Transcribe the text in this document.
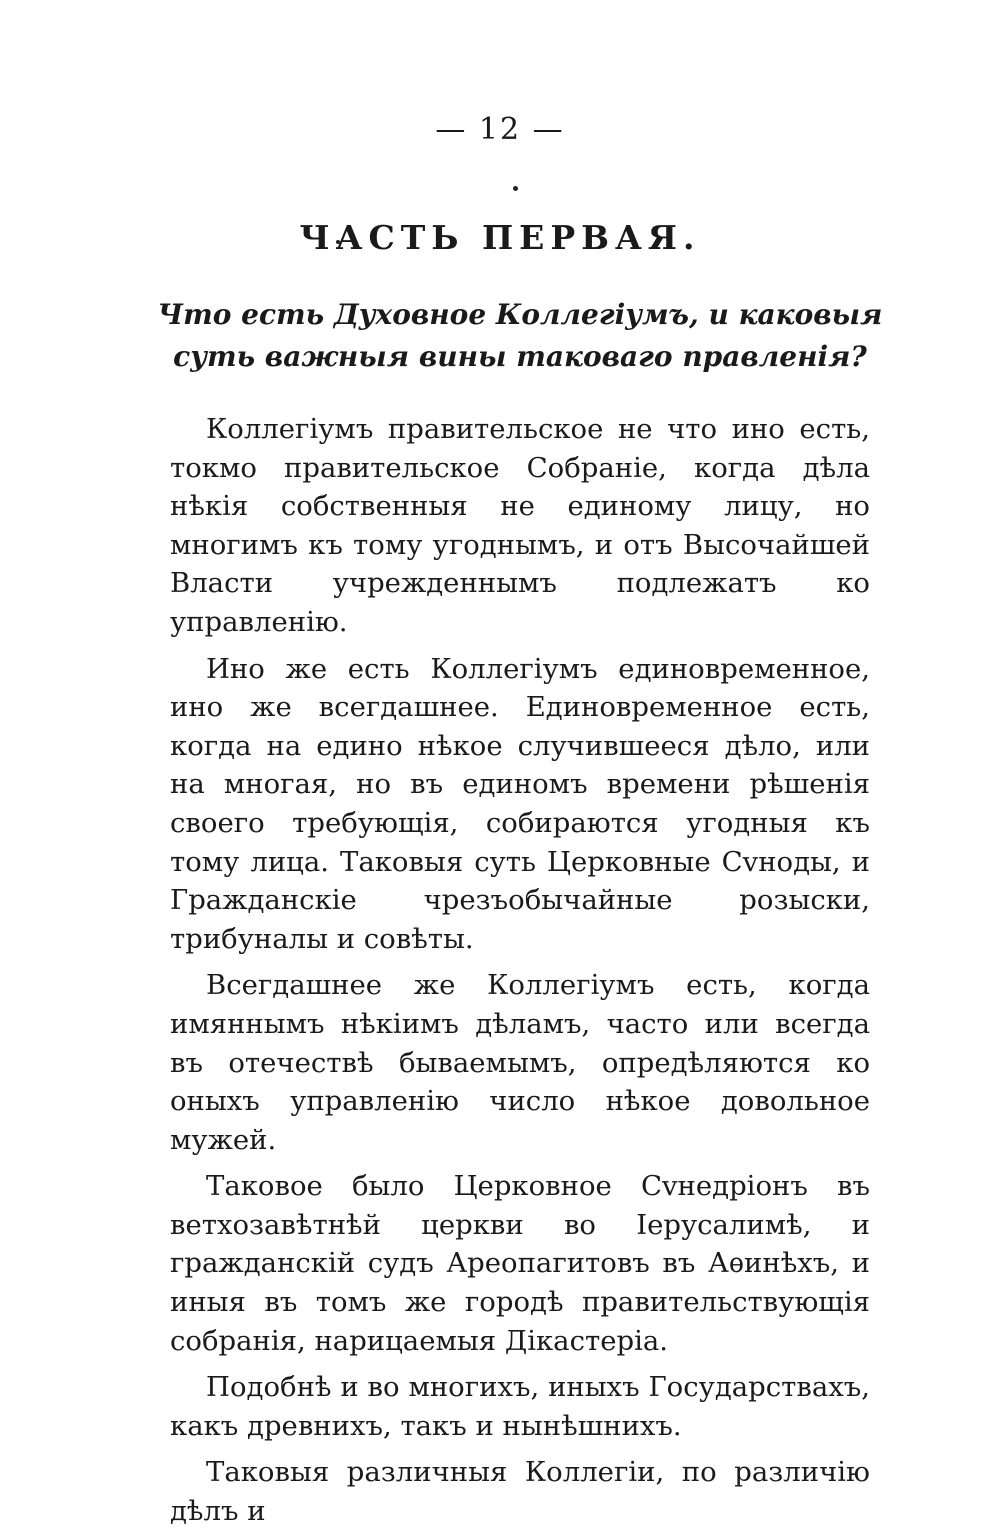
— 12 —
ЧАСТЬ ПЕРВАЯ.
Что есть Духовное Коллегіумъ, и каковыя суть важныя вины таковаго правленія?

Коллегіумъ правительское не что ино есть, токмо правительское Собраніе, когда дѣла нѣкія собственныя не единому лицу, но многимъ къ тому угоднымъ, и отъ Высочайшей Власти учрежденнымъ подлежатъ ко управленію.

Ино же есть Коллегіумъ единовременное, ино же всегдашнее. Единовременное есть, когда на едино нѣкое случившееся дѣло, или на многая, но въ единомъ времени рѣшенія своего требующія, собираются угодныя къ тому лица. Таковыя суть Церковные Сvноды, и Гражданскіе чрезъобычайные розыски, трибуналы и совѣты.

Всегдашнее же Коллегіумъ есть, когда имяннымъ нѣкіимъ дѣламъ, часто или всегда въ отечествѣ бываемымъ, опредѣляются ко оныхъ управленію число нѣкое довольное мужей.

Таковое было Церковное Сvнедріонъ въ ветхозавѣтнѣй церкви во Іерусалимѣ, и гражданскій судъ Ареопагитовъ въ Аѳинѣхъ, и иныя въ томъ же городѣ правительствующія собранія, нарицаемыя Дікастеріа.

Подобнѣ и во многихъ, иныхъ Государствахъ, какъ древнихъ, такъ и нынѣшнихъ.

Таковыя различныя Коллегіи, по различію дѣлъ и
